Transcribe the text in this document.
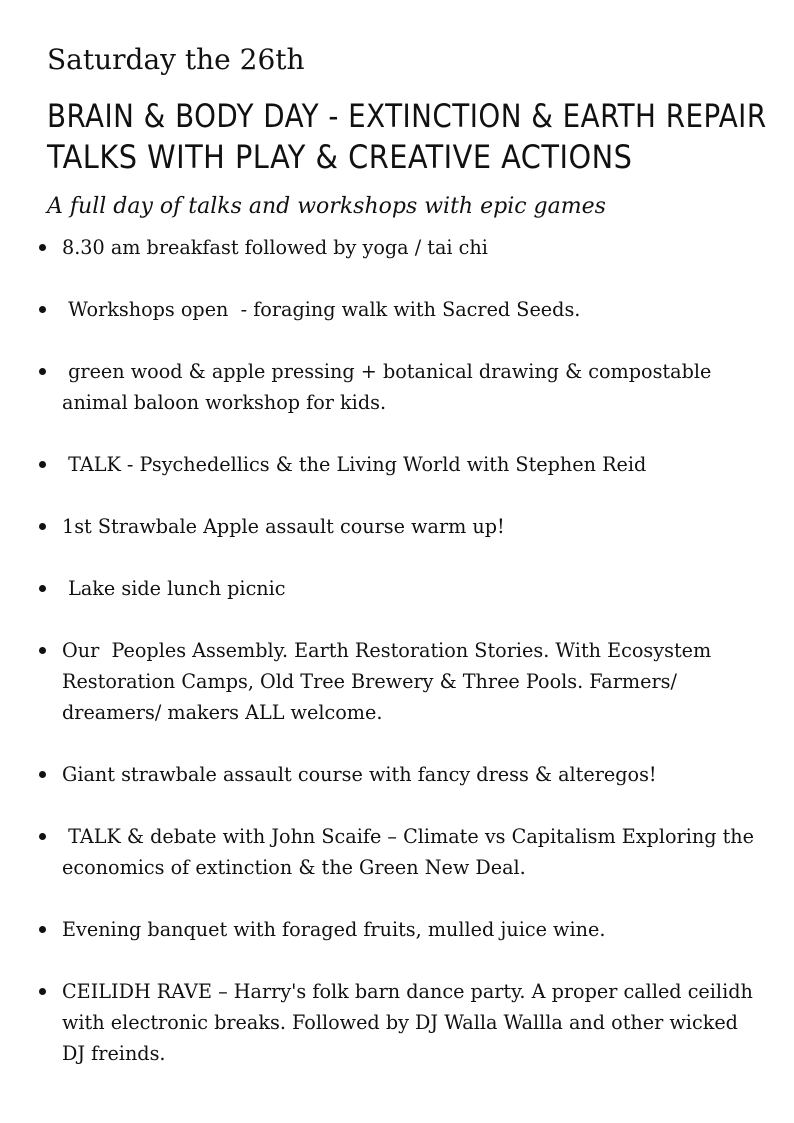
Saturday the 26th
BRAIN & BODY DAY - EXTINCTION & EARTH REPAIR
TALKS WITH PLAY & CREATIVE ACTIONS

A full day of talks and workshops with epic games

8.30 am breakfast followed by yoga / tai chi
Workshops open  - foraging walk with Sacred Seeds.
green wood & apple pressing + botanical drawing & compostable animal baloon workshop for kids.
TALK - Psychedellics & the Living World with Stephen Reid
1st Strawbale Apple assault course warm up!
Lake side lunch picnic
Our  Peoples Assembly. Earth Restoration Stories. With Ecosystem Restoration Camps, Old Tree Brewery & Three Pools. Farmers/ dreamers/ makers ALL welcome.
Giant strawbale assault course with fancy dress & alteregos!
TALK & debate with John Scaife – Climate vs Capitalism Exploring the economics of extinction & the Green New Deal.
Evening banquet with foraged fruits, mulled juice wine.
CEILIDH RAVE – Harry's folk barn dance party. A proper called ceilidh with electronic breaks. Followed by DJ Walla Wallla and other wicked DJ freinds.
